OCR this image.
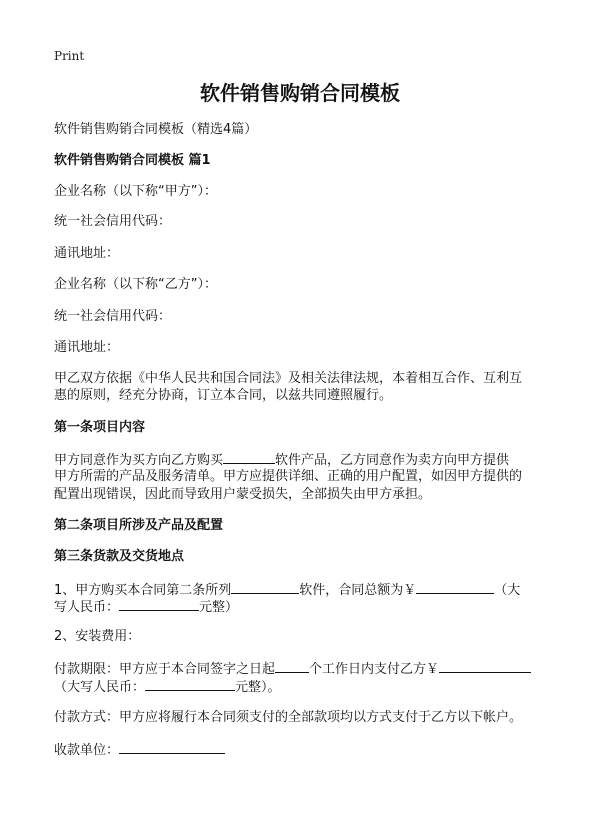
Print
软件销售购销合同模板
软件销售购销合同模板（精选4篇）
软件销售购销合同模板 篇1
企业名称（以下称“甲方”）：
统一社会信用代码：
通讯地址：
企业名称（以下称“乙方”）：
统一社会信用代码：
通讯地址：
甲乙双方依据《中华人民共和国合同法》及相关法律法规，本着相互合作、互利互
惠的原则，经充分协商，订立本合同，以兹共同遵照履行。
第一条项目内容
甲方同意作为买方向乙方购买	软件产品，乙方同意作为卖方向甲方提供
甲方所需的产品及服务清单。甲方应提供详细、正确的用户配置，如因甲方提供的
配置出现错误，因此而导致用户蒙受损失，全部损失由甲方承担。
第二条项目所涉及产品及配置
第三条货款及交货地点
1、甲方购买本合同第二条所列	软件，合同总额为￥	（大
写人民币：	元整）
2、安装费用：
付款期限：甲方应于本合同签字之日起	个工作日内支付乙方￥
（大写人民币：	元整）。
付款方式：甲方应将履行本合同须支付的全部款项均以方式支付于乙方以下帐户。
收款单位：
